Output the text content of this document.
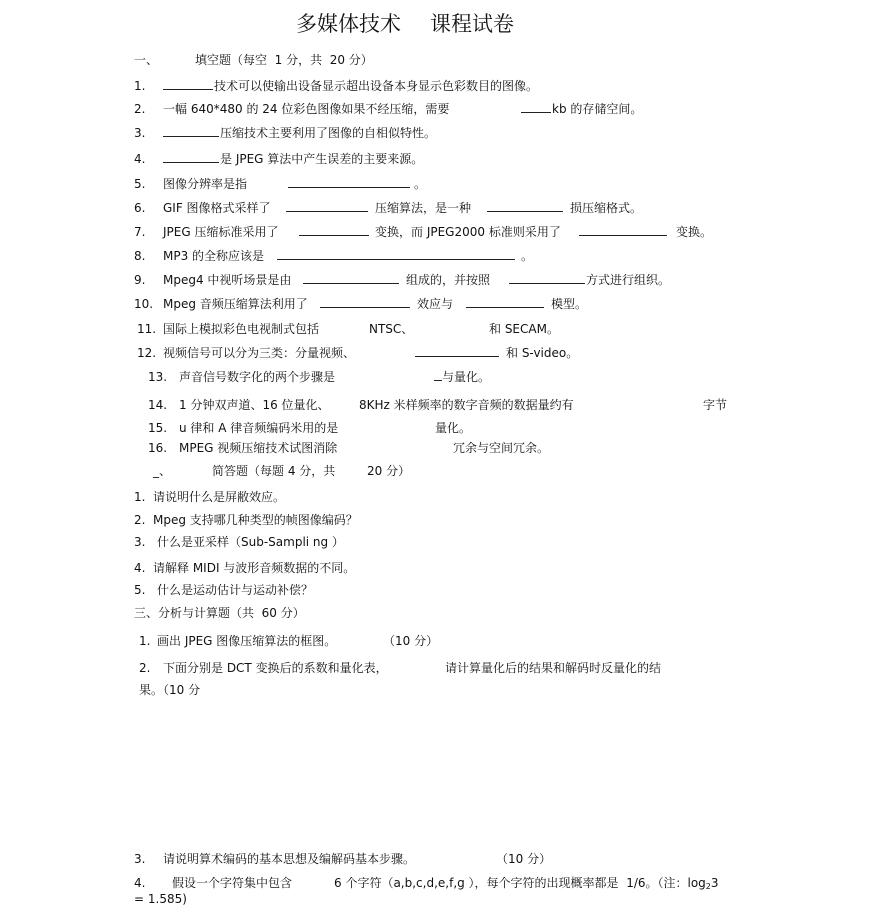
多媒体技术 课程试卷
一、	填空题（每空  1 分，共  20 分）
1.	技术可以使输出设备显示超出设备本身显示色彩数目的图像。
2. 一幅 640*480 的 24 位彩色图像如果不经压缩，需要	kb 的存储空间。
3.	压缩技术主要利用了图像的自相似特性。
4.	是 JPEG 算法中产生误差的主要来源。
5. 图像分辨率是指	。
6. GIF 图像格式采样了	压缩算法，是一种	损压缩格式。
7. JPEG 压缩标准采用了	变换，而 JPEG2000 标准则采用了	变换。
8. MP3 的全称应该是	。
9. Mpeg4 中视听场景是由	组成的，并按照	方式进行组织。
10. Mpeg 音频压缩算法利用了	效应与	模型。
11. 国际上模拟彩色电视制式包括	NTSC、	和 SECAM。
12. 视频信号可以分为三类：分量视频、	和 S-video。
13. 声音信号数字化的两个步骤是	与量化。
14. 1 分钟双声道、16 位量化、 8KHz 米样频率的数字音频的数据量约有	字节
15. u 律和 A 律音频编码米用的是	量化。
16. MPEG 视频压缩技术试图消除	冗余与空间冗余。
_、	简答题（每题 4 分，共	20 分）
1. 请说明什么是屏敝效应。
2. Mpeg 支持哪几种类型的帧图像编码？
3. 什么是亚采样（Sub-Sampli ng ）
4. 请解释 MIDI 与波形音频数据的不同。
5. 什么是运动估计与运动补偿？
三、分析与计算题（共  60 分）
1. 画出 JPEG 图像压缩算法的框图。	（10 分）
2. 下面分别是 DCT 变换后的系数和量化表，	请计算量化后的结果和解码时反量化的结
果。（10 分
3. 请说明算术编码的基本思想及编解码基本步骤。	（10 分）
4. 假设一个字符集中包含	6 个字符（a,b,c,d,e,f,g ），每个字符的出现概率都是  1/6。（注：$\log_23$
= 1.585)
